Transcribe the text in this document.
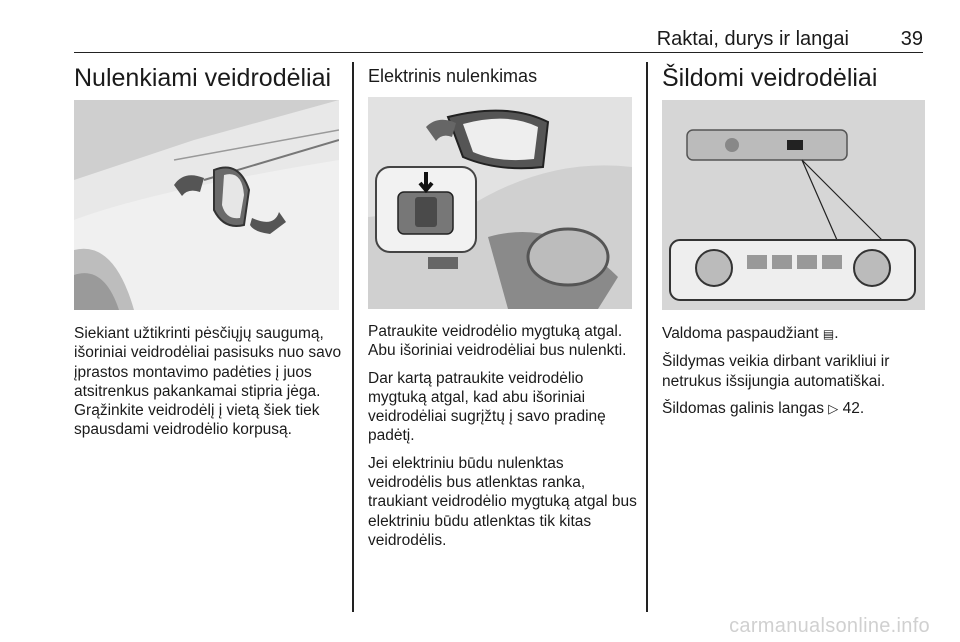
Raktai, durys ir langai	39
Nulenkiami veidrodėliai

Siekiant užtikrinti pėsčiųjų saugumą, išoriniai veidrodėliai pasisuks nuo savo įprastos montavimo padėties į juos atsitrenkus pakankamai stipria jėga. Grąžinkite veidrodėlį į vietą šiek tiek spausdami veidrodėlio korpusą.

Elektrinis nulenkimas

Patraukite veidrodėlio mygtuką atgal. Abu išoriniai veidrodėliai bus nulenkti.

Dar kartą patraukite veidrodėlio mygtuką atgal, kad abu išoriniai veidrodėliai sugrįžtų į savo pradinę padėtį.

Jei elektriniu būdu nulenktas veidrodėlis bus atlenktas ranka, traukiant veidrodėlio mygtuką atgal bus elektriniu būdu atlenktas tik kitas veidrodėlis.

Šildomi veidrodėliai

Valdoma paspaudžiant ▤.

Šildymas veikia dirbant varikliui ir netrukus išsijungia automatiškai.

Šildomas galinis langas ▷ 42.

carmanualsonline.info
